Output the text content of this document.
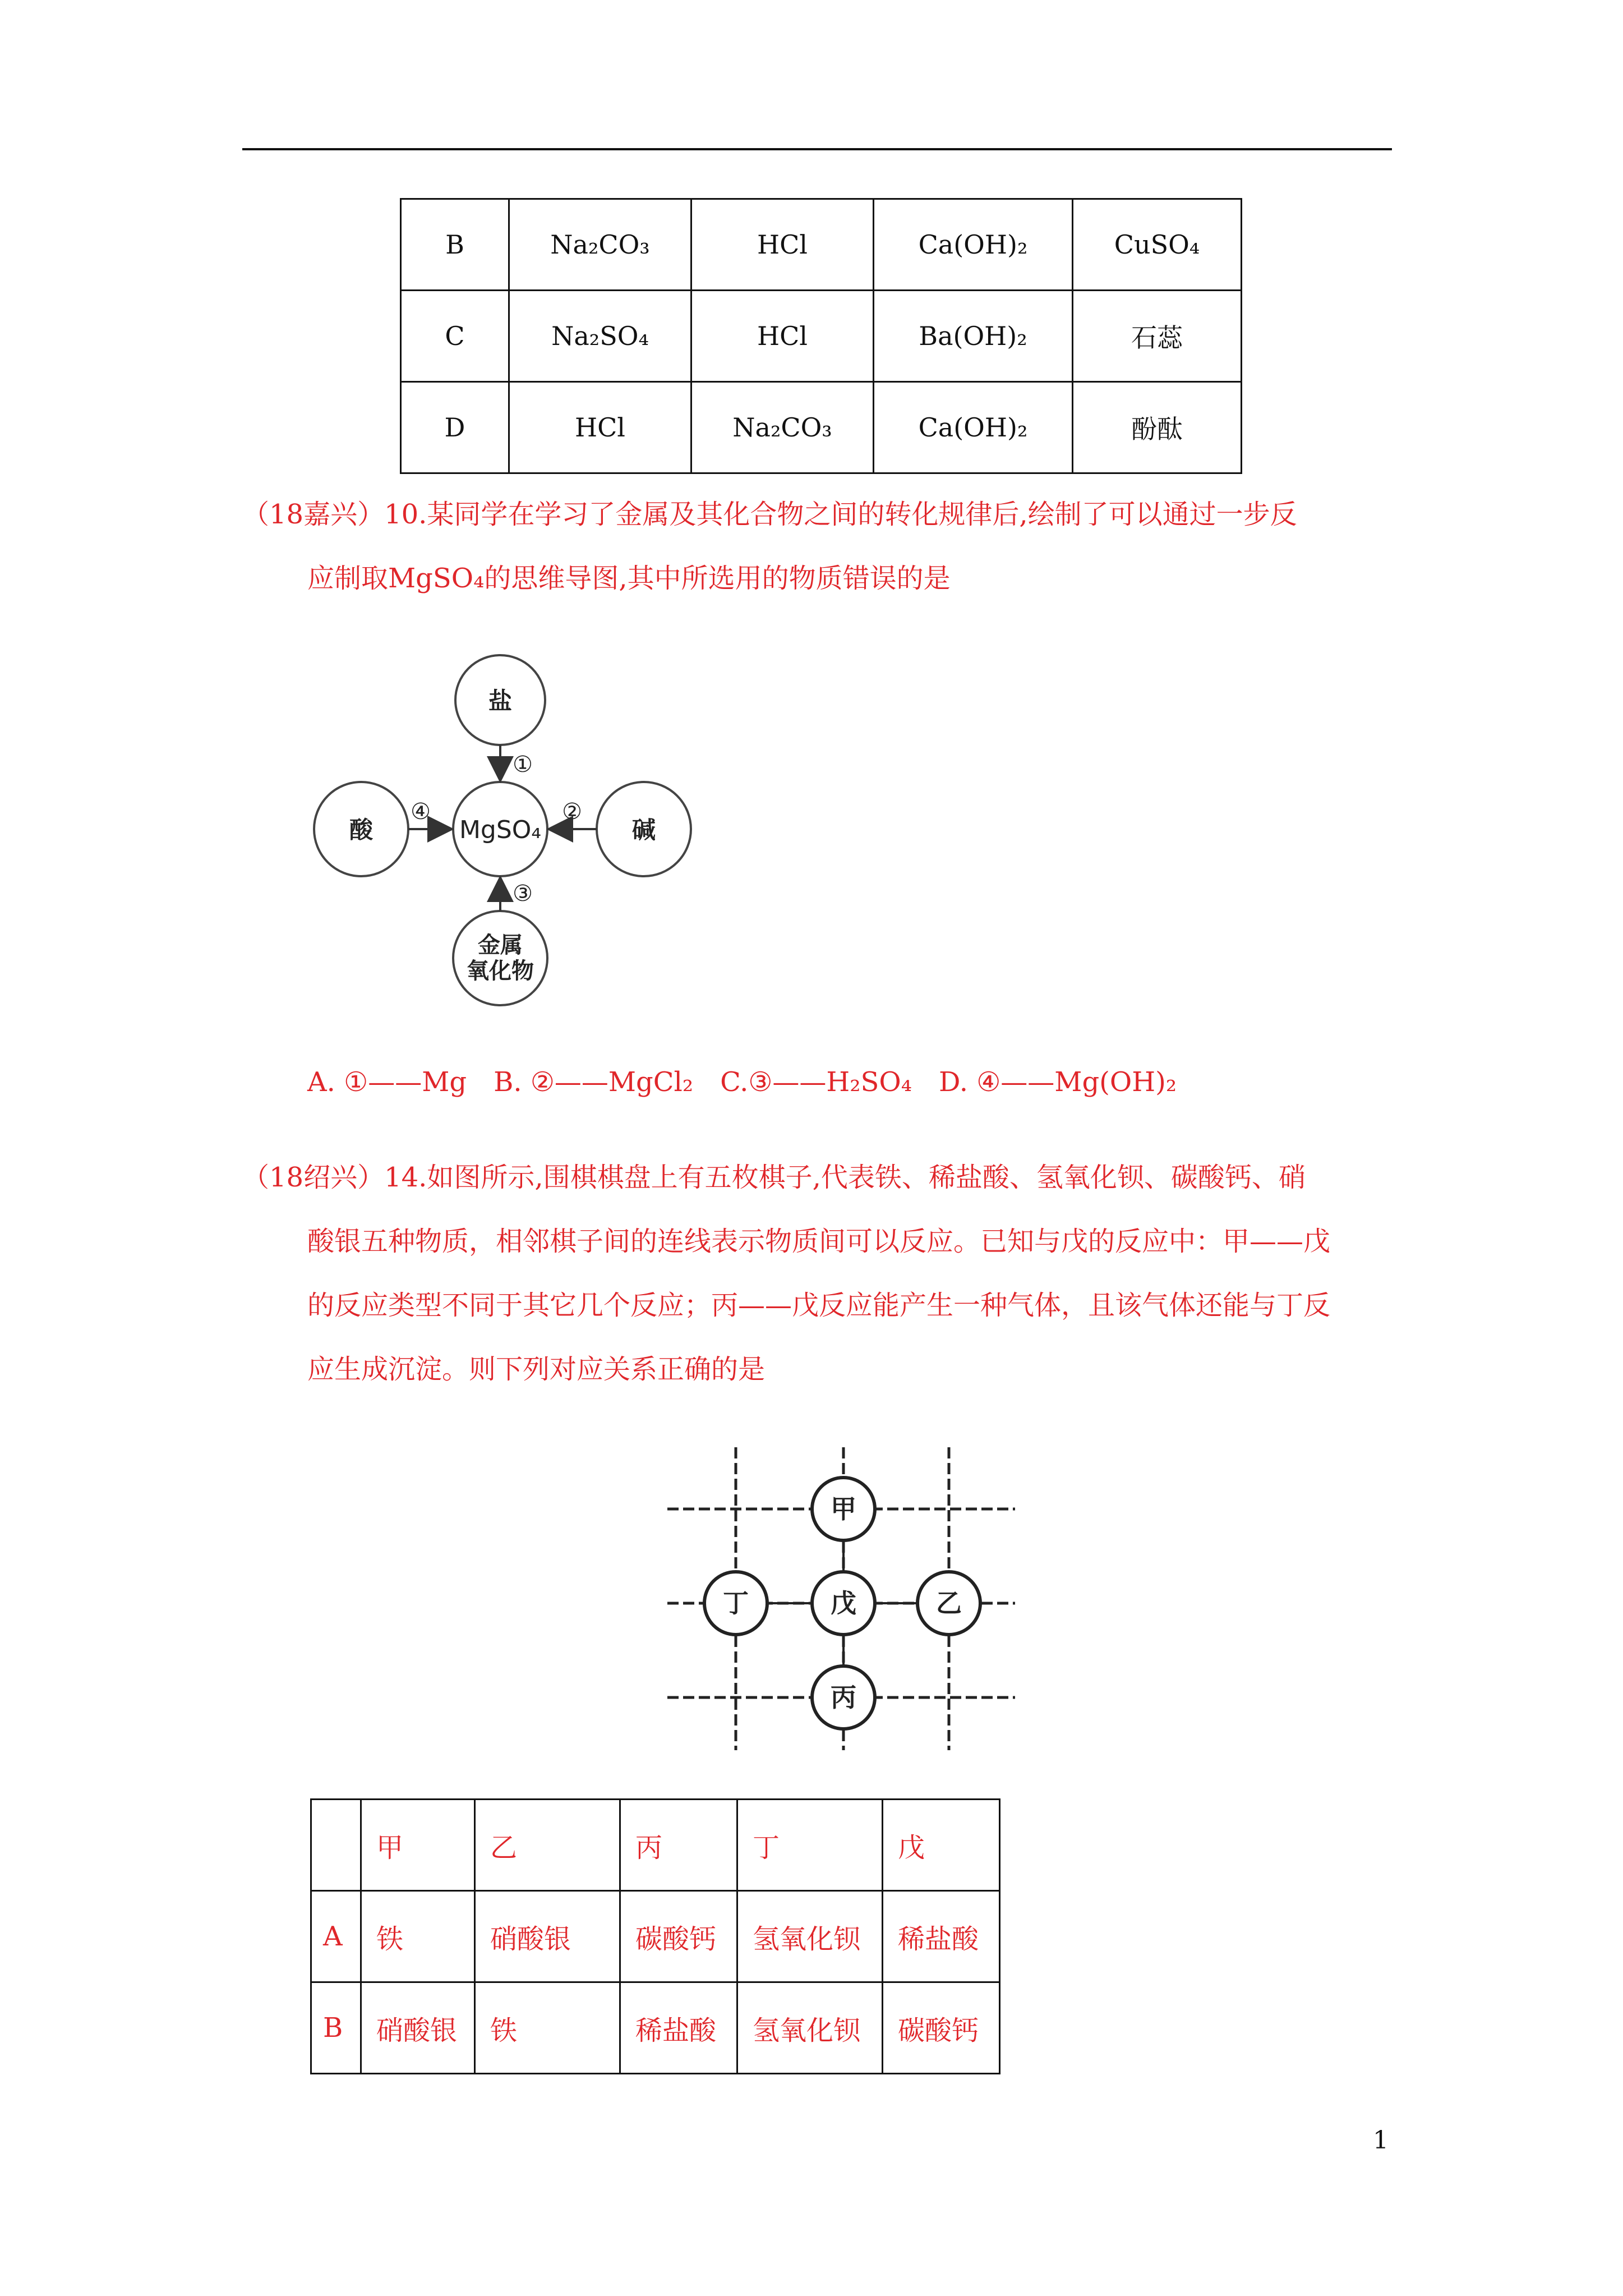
B	Na₂CO₃	HCl	Ca(OH)₂	CuSO₄
C	Na₂SO₄	HCl	Ba(OH)₂	石蕊
D	HCl	Na₂CO₃	Ca(OH)₂	酚酞
（18嘉兴）10.某同学在学习了金属及其化合物之间的转化规律后,绘制了可以通过一步反
应制取MgSO₄的思维导图,其中所选用的物质错误的是
盐
酸	MgSO₄	碱
金属
氧化物
①
②
③
④
A. ①——Mg　B. ②——MgCl₂　C.③——H₂SO₄　D. ④——Mg(OH)₂
（18绍兴）14.如图所示,围棋棋盘上有五枚棋子,代表铁、稀盐酸、氢氧化钡、碳酸钙、硝
酸银五种物质，相邻棋子间的连线表示物质间可以反应。已知与戊的反应中：甲——戊
的反应类型不同于其它几个反应；丙——戊反应能产生一种气体，且该气体还能与丁反
应生成沉淀。则下列对应关系正确的是
甲
丁	戊	乙
丙
	甲	乙	丙	丁	戊
A	铁	硝酸银	碳酸钙	氢氧化钡	稀盐酸
B	硝酸银	铁	稀盐酸	氢氧化钡	碳酸钙
1
